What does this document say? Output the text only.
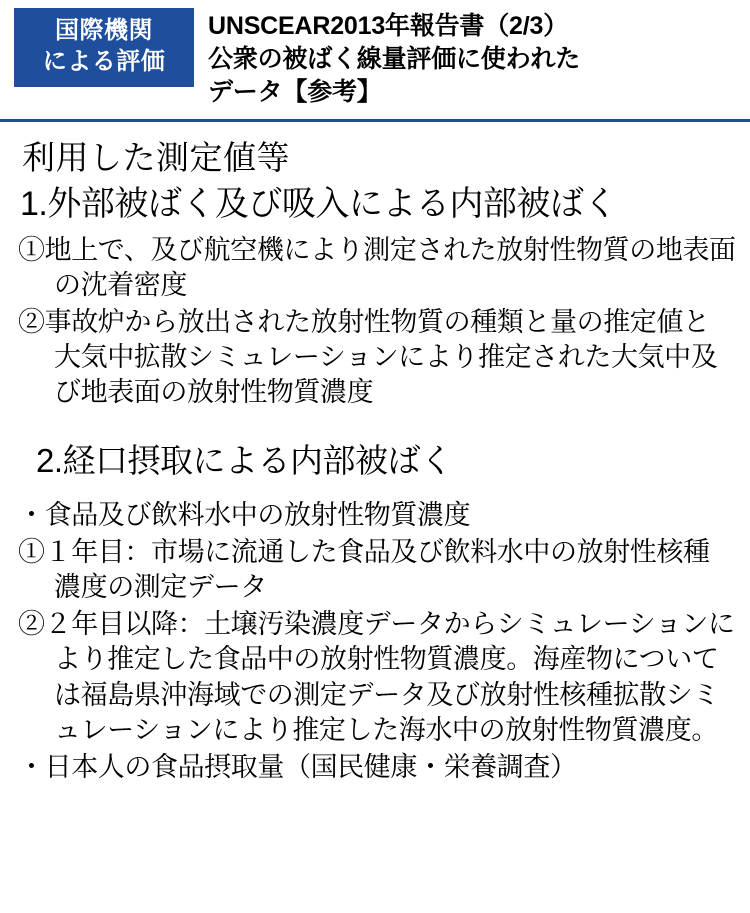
国際機関
による評価
UNSCEAR2013年報告書（2/3）
公衆の被ばく線量評価に使われた
データ【参考】
利用した測定値等
1.外部被ばく及び吸入による内部被ばく
①地上で、及び航空機により測定された放射性物質の地表面の沈着密度
②事故炉から放出された放射性物質の種類と量の推定値と大気中拡散シミュレーションにより推定された大気中及び地表面の放射性物質濃度
2.経口摂取による内部被ばく
・食品及び飲料水中の放射性物質濃度
①１年目：市場に流通した食品及び飲料水中の放射性核種濃度の測定データ
②２年目以降：土壌汚染濃度データからシミュレーションにより推定した食品中の放射性物質濃度。海産物については福島県沖海域での測定データ及び放射性核種拡散シミュレーションにより推定した海水中の放射性物質濃度。
・日本人の食品摂取量（国民健康・栄養調査）
